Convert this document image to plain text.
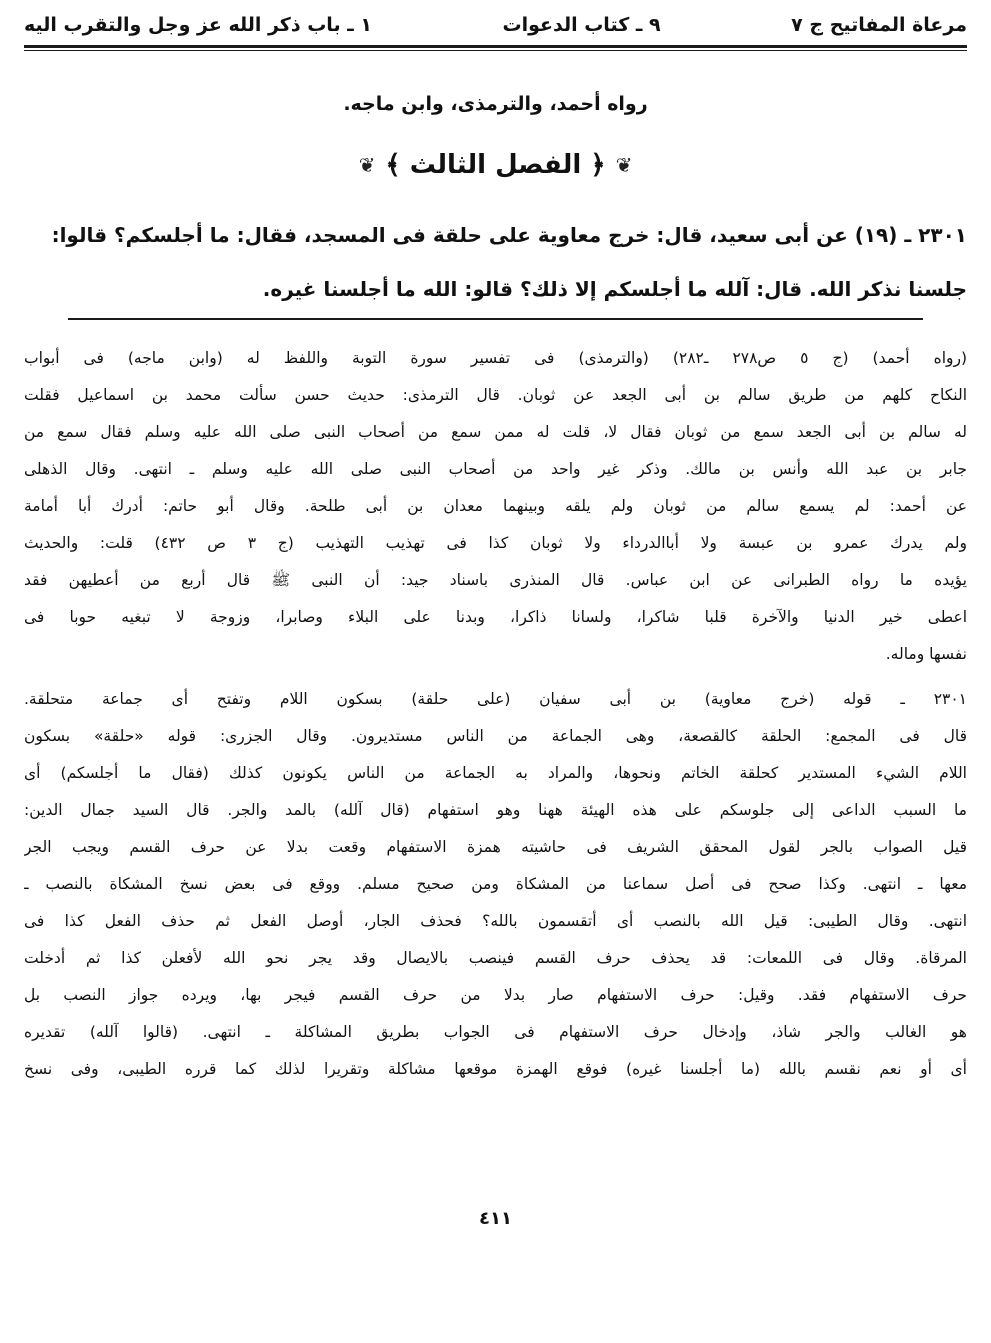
مرعاة المفاتيح ج ٧
٩ ـ كتاب الدعوات
١ ـ باب ذكر الله عز وجل والتقرب اليه
رواه أحمد، والترمذى، وابن ماجه.
❦
﴿ الفصل الثالث ﴾
❦
٢٣٠١ ـ (١٩) عن أبى سعيد، قال: خرج معاوية على حلقة فى المسجد، فقال: ما أجلسكم؟ قالوا:
جلسنا نذكر الله. قال: آلله ما أجلسكم إلا ذلك؟ قالو: الله ما أجلسنا غيره.
(رواه أحمد) (ج ٥ ص٢٧٨ ـ٢٨٢) (والترمذى) فى تفسير سورة التوبة واللفظ له (وابن ماجه) فى أبواب
النكاح كلهم من طريق سالم بن أبى الجعد عن ثوبان. قال الترمذى: حديث حسن سألت محمد بن اسماعيل فقلت
له سالم بن أبى الجعد سمع من ثوبان فقال لا، قلت له ممن سمع من أصحاب النبى صلى الله عليه وسلم فقال سمع من
جابر بن عبد الله وأنس بن مالك. وذكر غير واحد من أصحاب النبى صلى الله عليه وسلم ـ انتهى. وقال الذهلى
عن أحمد: لم يسمع سالم من ثوبان ولم يلقه وبينهما معدان بن أبى طلحة. وقال أبو حاتم: أدرك أبا أمامة
ولم يدرك عمرو بن عبسة ولا أباالدرداء ولا ثوبان كذا فى تهذيب التهذيب (ج ٣ ص ٤٣٢) قلت: والحديث
يؤيده ما رواه الطبرانى عن ابن عباس. قال المنذرى باسناد جيد: أن النبى ﷺ قال أربع من أعطيهن فقد
اعطى خير الدنيا والآخرة قلبا شاكرا، ولسانا ذاكرا، وبدنا على البلاء وصابرا، وزوجة لا تبغيه حوبا فى
نفسها وماله.
٢٣٠١ ـ قوله (خرج معاوية) بن أبى سفيان (على حلقة) بسكون اللام وتفتح أى جماعة متحلقة.
قال فى المجمع: الحلقة كالقصعة، وهى الجماعة من الناس مستديرون. وقال الجزرى: قوله «حلقة» بسكون
اللام الشيء المستدير كحلقة الخاتم ونحوها، والمراد به الجماعة من الناس يكونون كذلك (فقال ما أجلسكم) أى
ما السبب الداعى إلى جلوسكم على هذه الهيئة ههنا وهو استفهام (قال آلله) بالمد والجر. قال السيد جمال الدين:
قيل الصواب بالجر لقول المحقق الشريف فى حاشيته همزة الاستفهام وقعت بدلا عن حرف القسم ويجب الجر
معها ـ انتهى. وكذا صحح فى أصل سماعنا من المشكاة ومن صحيح مسلم. ووقع فى بعض نسخ المشكاة بالنصب ـ
انتهى. وقال الطيبى: قيل الله بالنصب أى أتقسمون بالله؟ فحذف الجار، أوصل الفعل ثم حذف الفعل كذا فى
المرقاة. وقال فى اللمعات: قد يحذف حرف القسم فينصب بالايصال وقد يجر نحو الله لأفعلن كذا ثم أدخلت
حرف الاستفهام فقد. وقيل: حرف الاستفهام صار بدلا من حرف القسم فيجر بها، ويرده جواز النصب بل
هو الغالب والجر شاذ، وإدخال حرف الاستفهام فى الجواب بطريق المشاكلة ـ انتهى. (قالوا آلله) تقديره
أى أو نعم نقسم بالله (ما أجلسنا غيره) فوقع الهمزة موقعها مشاكلة وتقريرا لذلك كما قرره الطيبى، وفى نسخ
٤١١
